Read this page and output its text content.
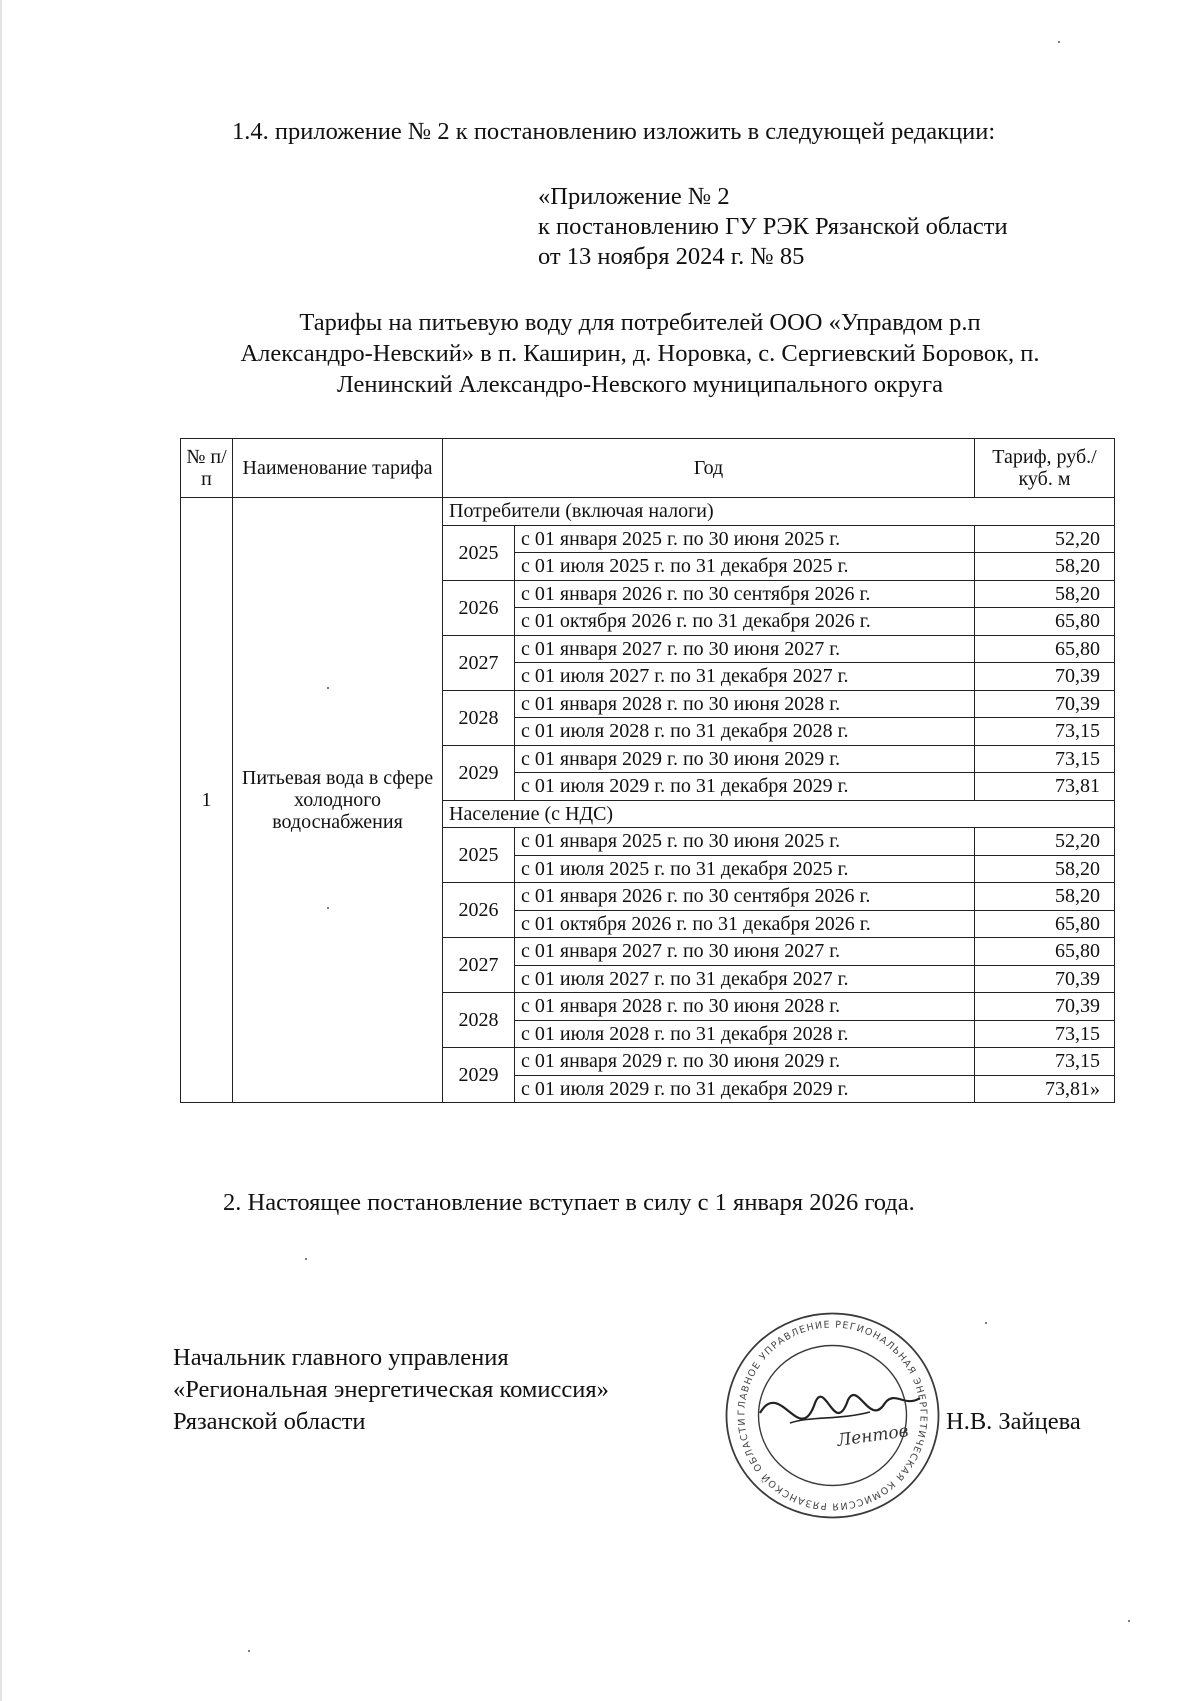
1.4. приложение № 2 к постановлению изложить в следующей редакции:
«Приложение № 2
к постановлению ГУ РЭК Рязанской области
от 13 ноября 2024 г. № 85
Тарифы на питьевую воду для потребителей ООО «Управдом р.п
Александро-Невский» в п. Каширин, д. Норовка, с. Сергиевский Боровок, п.
Ленинский Александро-Невского муниципального округа
№ п/п	Наименование тарифа	Год		Тариф, руб./куб. м
1	Питьевая вода в сфере холодного водоснабжения	Потребители (включая налоги)		
		2025	с 01 января 2025 г. по 30 июня 2025 г.	52,20
			с 01 июля 2025 г. по 31 декабря 2025 г.	58,20
		2026	с 01 января 2026 г. по 30 сентября 2026 г.	58,20
			с 01 октября 2026 г. по 31 декабря 2026 г.	65,80
		2027	с 01 января 2027 г. по 30 июня 2027 г.	65,80
			с 01 июля 2027 г. по 31 декабря 2027 г.	70,39
		2028	с 01 января 2028 г. по 30 июня 2028 г.	70,39
			с 01 июля 2028 г. по 31 декабря 2028 г.	73,15
		2029	с 01 января 2029 г. по 30 июня 2029 г.	73,15
			с 01 июля 2029 г. по 31 декабря 2029 г.	73,81
		Население (с НДС)		
		2025	с 01 января 2025 г. по 30 июня 2025 г.	52,20
			с 01 июля 2025 г. по 31 декабря 2025 г.	58,20
		2026	с 01 января 2026 г. по 30 сентября 2026 г.	58,20
			с 01 октября 2026 г. по 31 декабря 2026 г.	65,80
		2027	с 01 января 2027 г. по 30 июня 2027 г.	65,80
			с 01 июля 2027 г. по 31 декабря 2027 г.	70,39
		2028	с 01 января 2028 г. по 30 июня 2028 г.	70,39
			с 01 июля 2028 г. по 31 декабря 2028 г.	73,15
		2029	с 01 января 2029 г. по 30 июня 2029 г.	73,15
			с 01 июля 2029 г. по 31 декабря 2029 г.	73,81»
2. Настоящее постановление вступает в силу с 1 января 2026 года.
Начальник главного управления
«Региональная энергетическая комиссия»
Рязанской области	Н.В. Зайцева
ГЛАВНОЕ УПРАВЛЕНИЕ РЕГИОНАЛЬНАЯ ЭНЕРГЕТИЧЕСКАЯ КОМИССИЯ РЯЗАНСКОЙ ОБЛАСТИ	Лентов
